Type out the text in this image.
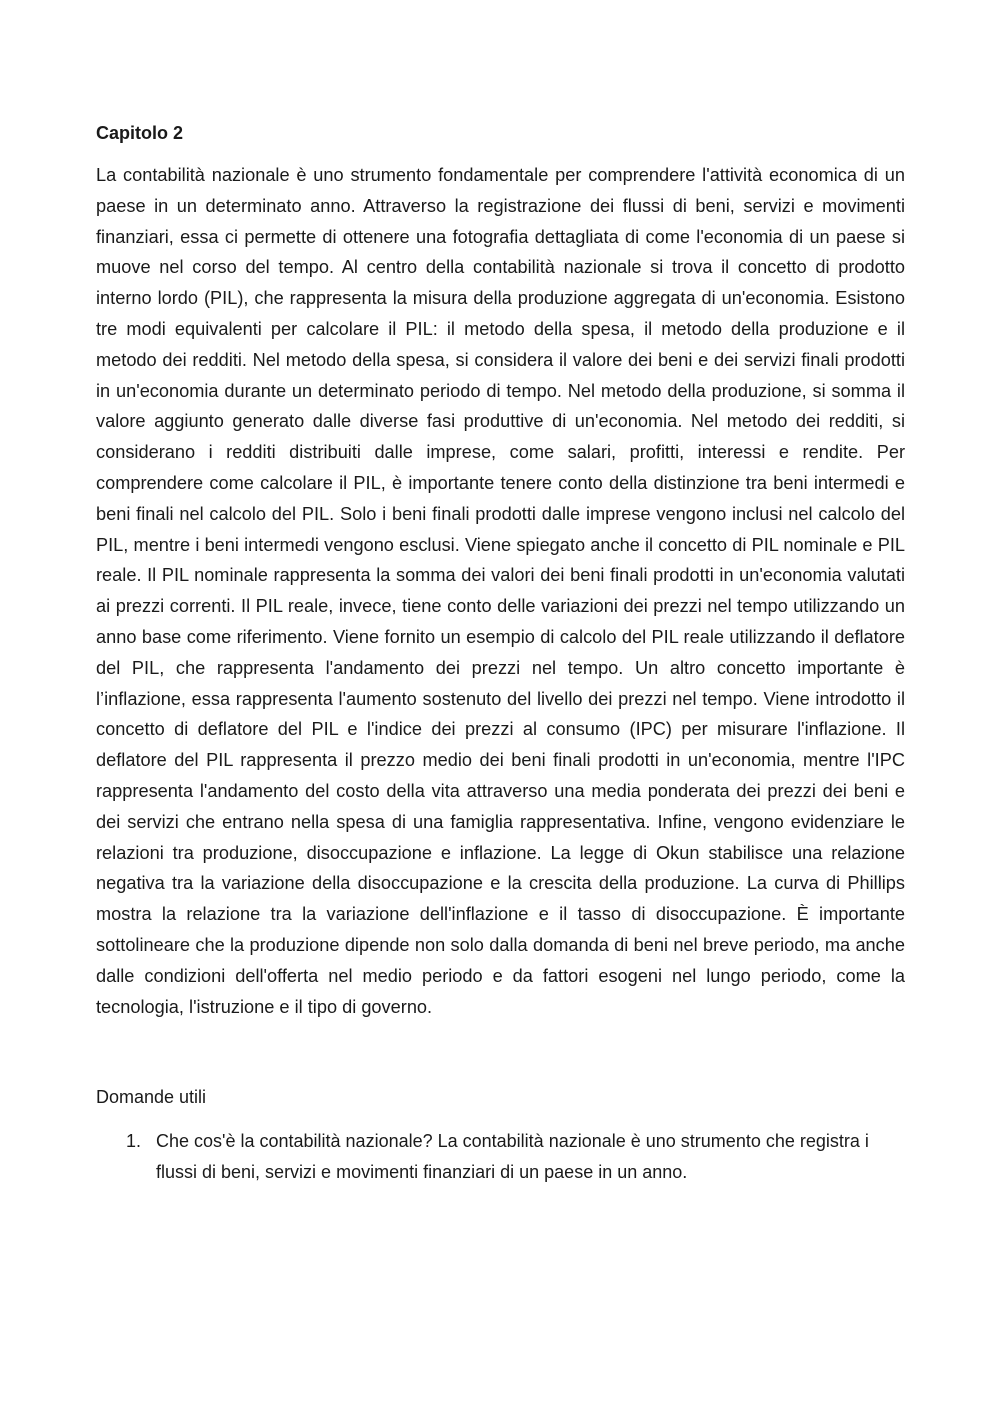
Capitolo 2

La contabilità nazionale è uno strumento fondamentale per comprendere l'attività economica di un paese in un determinato anno. Attraverso la registrazione dei flussi di beni, servizi e movimenti finanziari, essa ci permette di ottenere una fotografia dettagliata di come l'economia di un paese si muove nel corso del tempo. Al centro della contabilità nazionale si trova il concetto di prodotto interno lordo (PIL), che rappresenta la misura della produzione aggregata di un'economia. Esistono tre modi equivalenti per calcolare il PIL: il metodo della spesa, il metodo della produzione e il metodo dei redditi. Nel metodo della spesa, si considera il valore dei beni e dei servizi finali prodotti in un'economia durante un determinato periodo di tempo. Nel metodo della produzione, si somma il valore aggiunto generato dalle diverse fasi produttive di un'economia. Nel metodo dei redditi, si considerano i redditi distribuiti dalle imprese, come salari, profitti, interessi e rendite. Per comprendere come calcolare il PIL, è importante tenere conto della distinzione tra beni intermedi e beni finali nel calcolo del PIL. Solo i beni finali prodotti dalle imprese vengono inclusi nel calcolo del PIL, mentre i beni intermedi vengono esclusi. Viene spiegato anche il concetto di PIL nominale e PIL reale. Il PIL nominale rappresenta la somma dei valori dei beni finali prodotti in un'economia valutati ai prezzi correnti. Il PIL reale, invece, tiene conto delle variazioni dei prezzi nel tempo utilizzando un anno base come riferimento. Viene fornito un esempio di calcolo del PIL reale utilizzando il deflatore del PIL, che rappresenta l'andamento dei prezzi nel tempo. Un altro concetto importante è l’inflazione, essa rappresenta l'aumento sostenuto del livello dei prezzi nel tempo. Viene introdotto il concetto di deflatore del PIL e l'indice dei prezzi al consumo (IPC) per misurare l'inflazione. Il deflatore del PIL rappresenta il prezzo medio dei beni finali prodotti in un'economia, mentre l'IPC rappresenta l'andamento del costo della vita attraverso una media ponderata dei prezzi dei beni e dei servizi che entrano nella spesa di una famiglia rappresentativa. Infine, vengono evidenziare le relazioni tra produzione, disoccupazione e inflazione. La legge di Okun stabilisce una relazione negativa tra la variazione della disoccupazione e la crescita della produzione. La curva di Phillips mostra la relazione tra la variazione dell'inflazione e il tasso di disoccupazione. È importante sottolineare che la produzione dipende non solo dalla domanda di beni nel breve periodo, ma anche dalle condizioni dell'offerta nel medio periodo e da fattori esogeni nel lungo periodo, come la tecnologia, l'istruzione e il tipo di governo.

Domande utili
1. Che cos'è la contabilità nazionale? La contabilità nazionale è uno strumento che registra i flussi di beni, servizi e movimenti finanziari di un paese in un anno.
